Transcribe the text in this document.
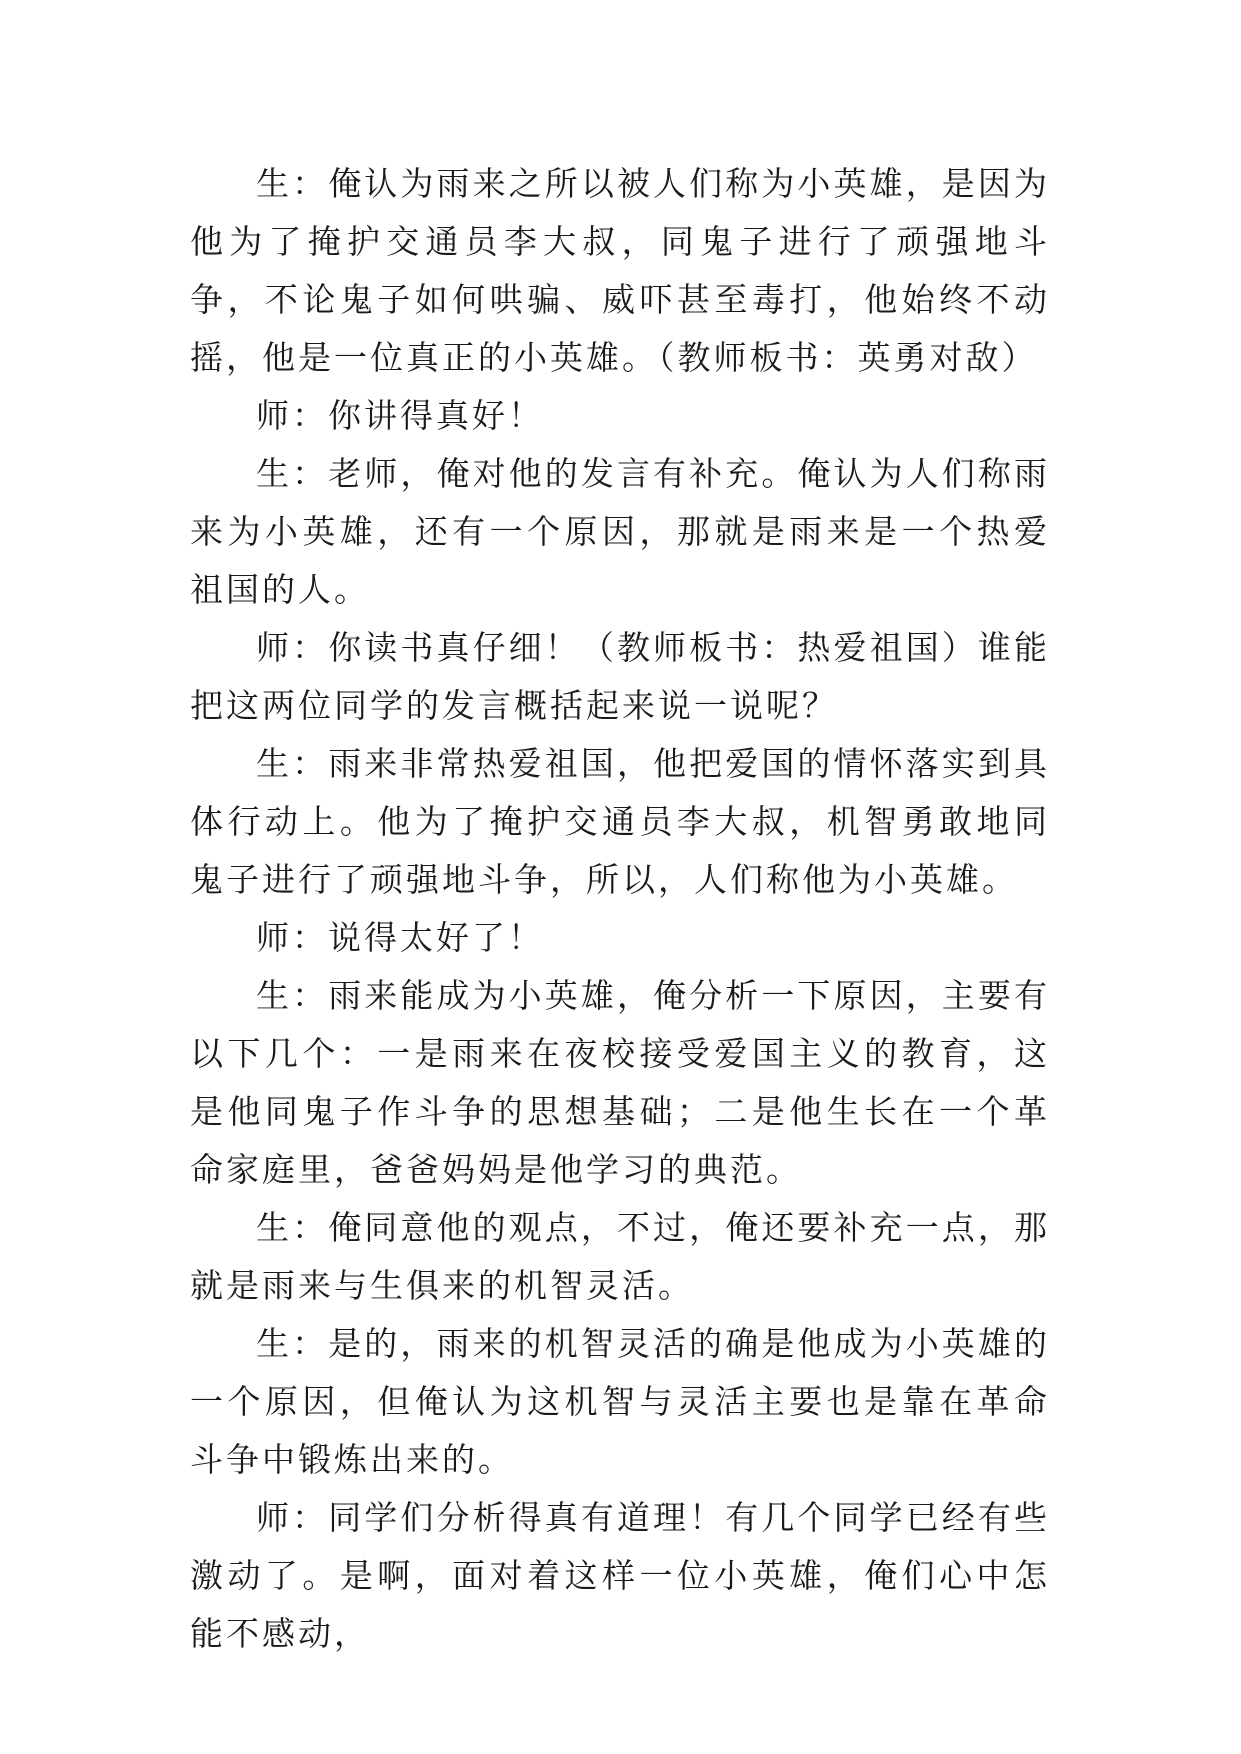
生：俺认为雨来之所以被人们称为小英雄，是因为他为了掩护交通员李大叔，同鬼子进行了顽强地斗争，不论鬼子如何哄骗、威吓甚至毒打，他始终不动摇，他是一位真正的小英雄。（教师板书：英勇对敌）

师：你讲得真好！

生：老师，俺对他的发言有补充。俺认为人们称雨来为小英雄，还有一个原因，那就是雨来是一个热爱祖国的人。

师：你读书真仔细！（教师板书：热爱祖国）谁能把这两位同学的发言概括起来说一说呢？

生：雨来非常热爱祖国，他把爱国的情怀落实到具体行动上。他为了掩护交通员李大叔，机智勇敢地同鬼子进行了顽强地斗争，所以，人们称他为小英雄。

师：说得太好了！

生：雨来能成为小英雄，俺分析一下原因，主要有以下几个：一是雨来在夜校接受爱国主义的教育，这是他同鬼子作斗争的思想基础；二是他生长在一个革命家庭里，爸爸妈妈是他学习的典范。

生：俺同意他的观点，不过，俺还要补充一点，那就是雨来与生俱来的机智灵活。

生：是的，雨来的机智灵活的确是他成为小英雄的一个原因，但俺认为这机智与灵活主要也是靠在革命斗争中锻炼出来的。

师：同学们分析得真有道理！有几个同学已经有些激动了。是啊，面对着这样一位小英雄，俺们心中怎能不感动，
